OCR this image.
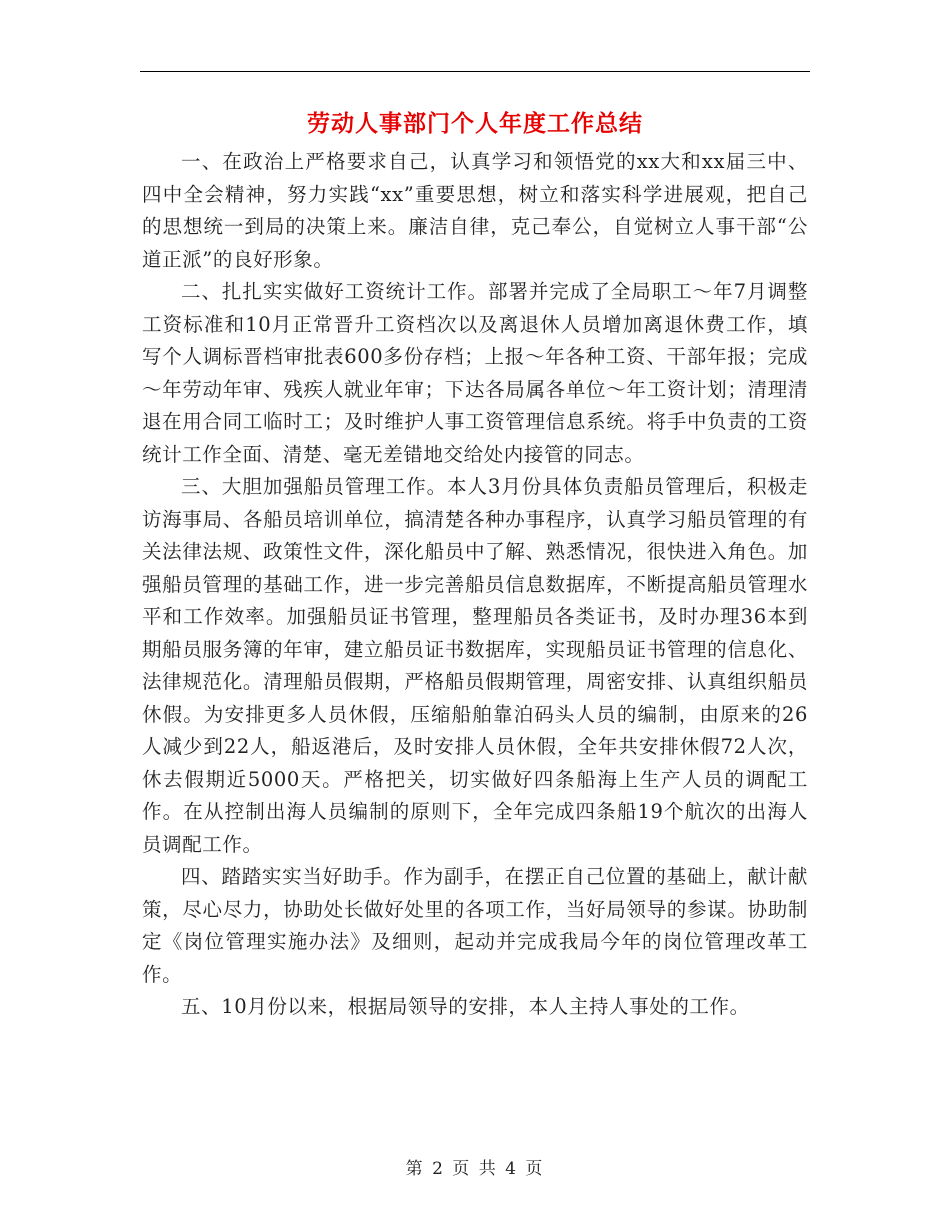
劳动人事部门个人年度工作总结

一、在政治上严格要求自己，认真学习和领悟党的xx大和xx届三中、四中全会精神，努力实践“xx”重要思想，树立和落实科学进展观，把自己的思想统一到局的决策上来。廉洁自律，克己奉公，自觉树立人事干部“公道正派”的良好形象。

二、扎扎实实做好工资统计工作。部署并完成了全局职工～年7月调整工资标准和10月正常晋升工资档次以及离退休人员增加离退休费工作，填写个人调标晋档审批表600多份存档；上报～年各种工资、干部年报；完成～年劳动年审、残疾人就业年审；下达各局属各单位～年工资计划；清理清退在用合同工临时工；及时维护人事工资管理信息系统。将手中负责的工资统计工作全面、清楚、毫无差错地交给处内接管的同志。

三、大胆加强船员管理工作。本人3月份具体负责船员管理后，积极走访海事局、各船员培训单位，搞清楚各种办事程序，认真学习船员管理的有关法律法规、政策性文件，深化船员中了解、熟悉情况，很快进入角色。加强船员管理的基础工作，进一步完善船员信息数据库，不断提高船员管理水平和工作效率。加强船员证书管理，整理船员各类证书，及时办理36本到期船员服务簿的年审，建立船员证书数据库，实现船员证书管理的信息化、法律规范化。清理船员假期，严格船员假期管理，周密安排、认真组织船员休假。为安排更多人员休假，压缩船舶靠泊码头人员的编制，由原来的26人减少到22人，船返港后，及时安排人员休假，全年共安排休假72人次，休去假期近5000天。严格把关，切实做好四条船海上生产人员的调配工作。在从控制出海人员编制的原则下，全年完成四条船19个航次的出海人员调配工作。

四、踏踏实实当好助手。作为副手，在摆正自己位置的基础上，献计献策，尽心尽力，协助处长做好处里的各项工作，当好局领导的参谋。协助制定《岗位管理实施办法》及细则，起动并完成我局今年的岗位管理改革工作。

五、10月份以来，根据局领导的安排，本人主持人事处的工作。

第 2 页 共 4 页
